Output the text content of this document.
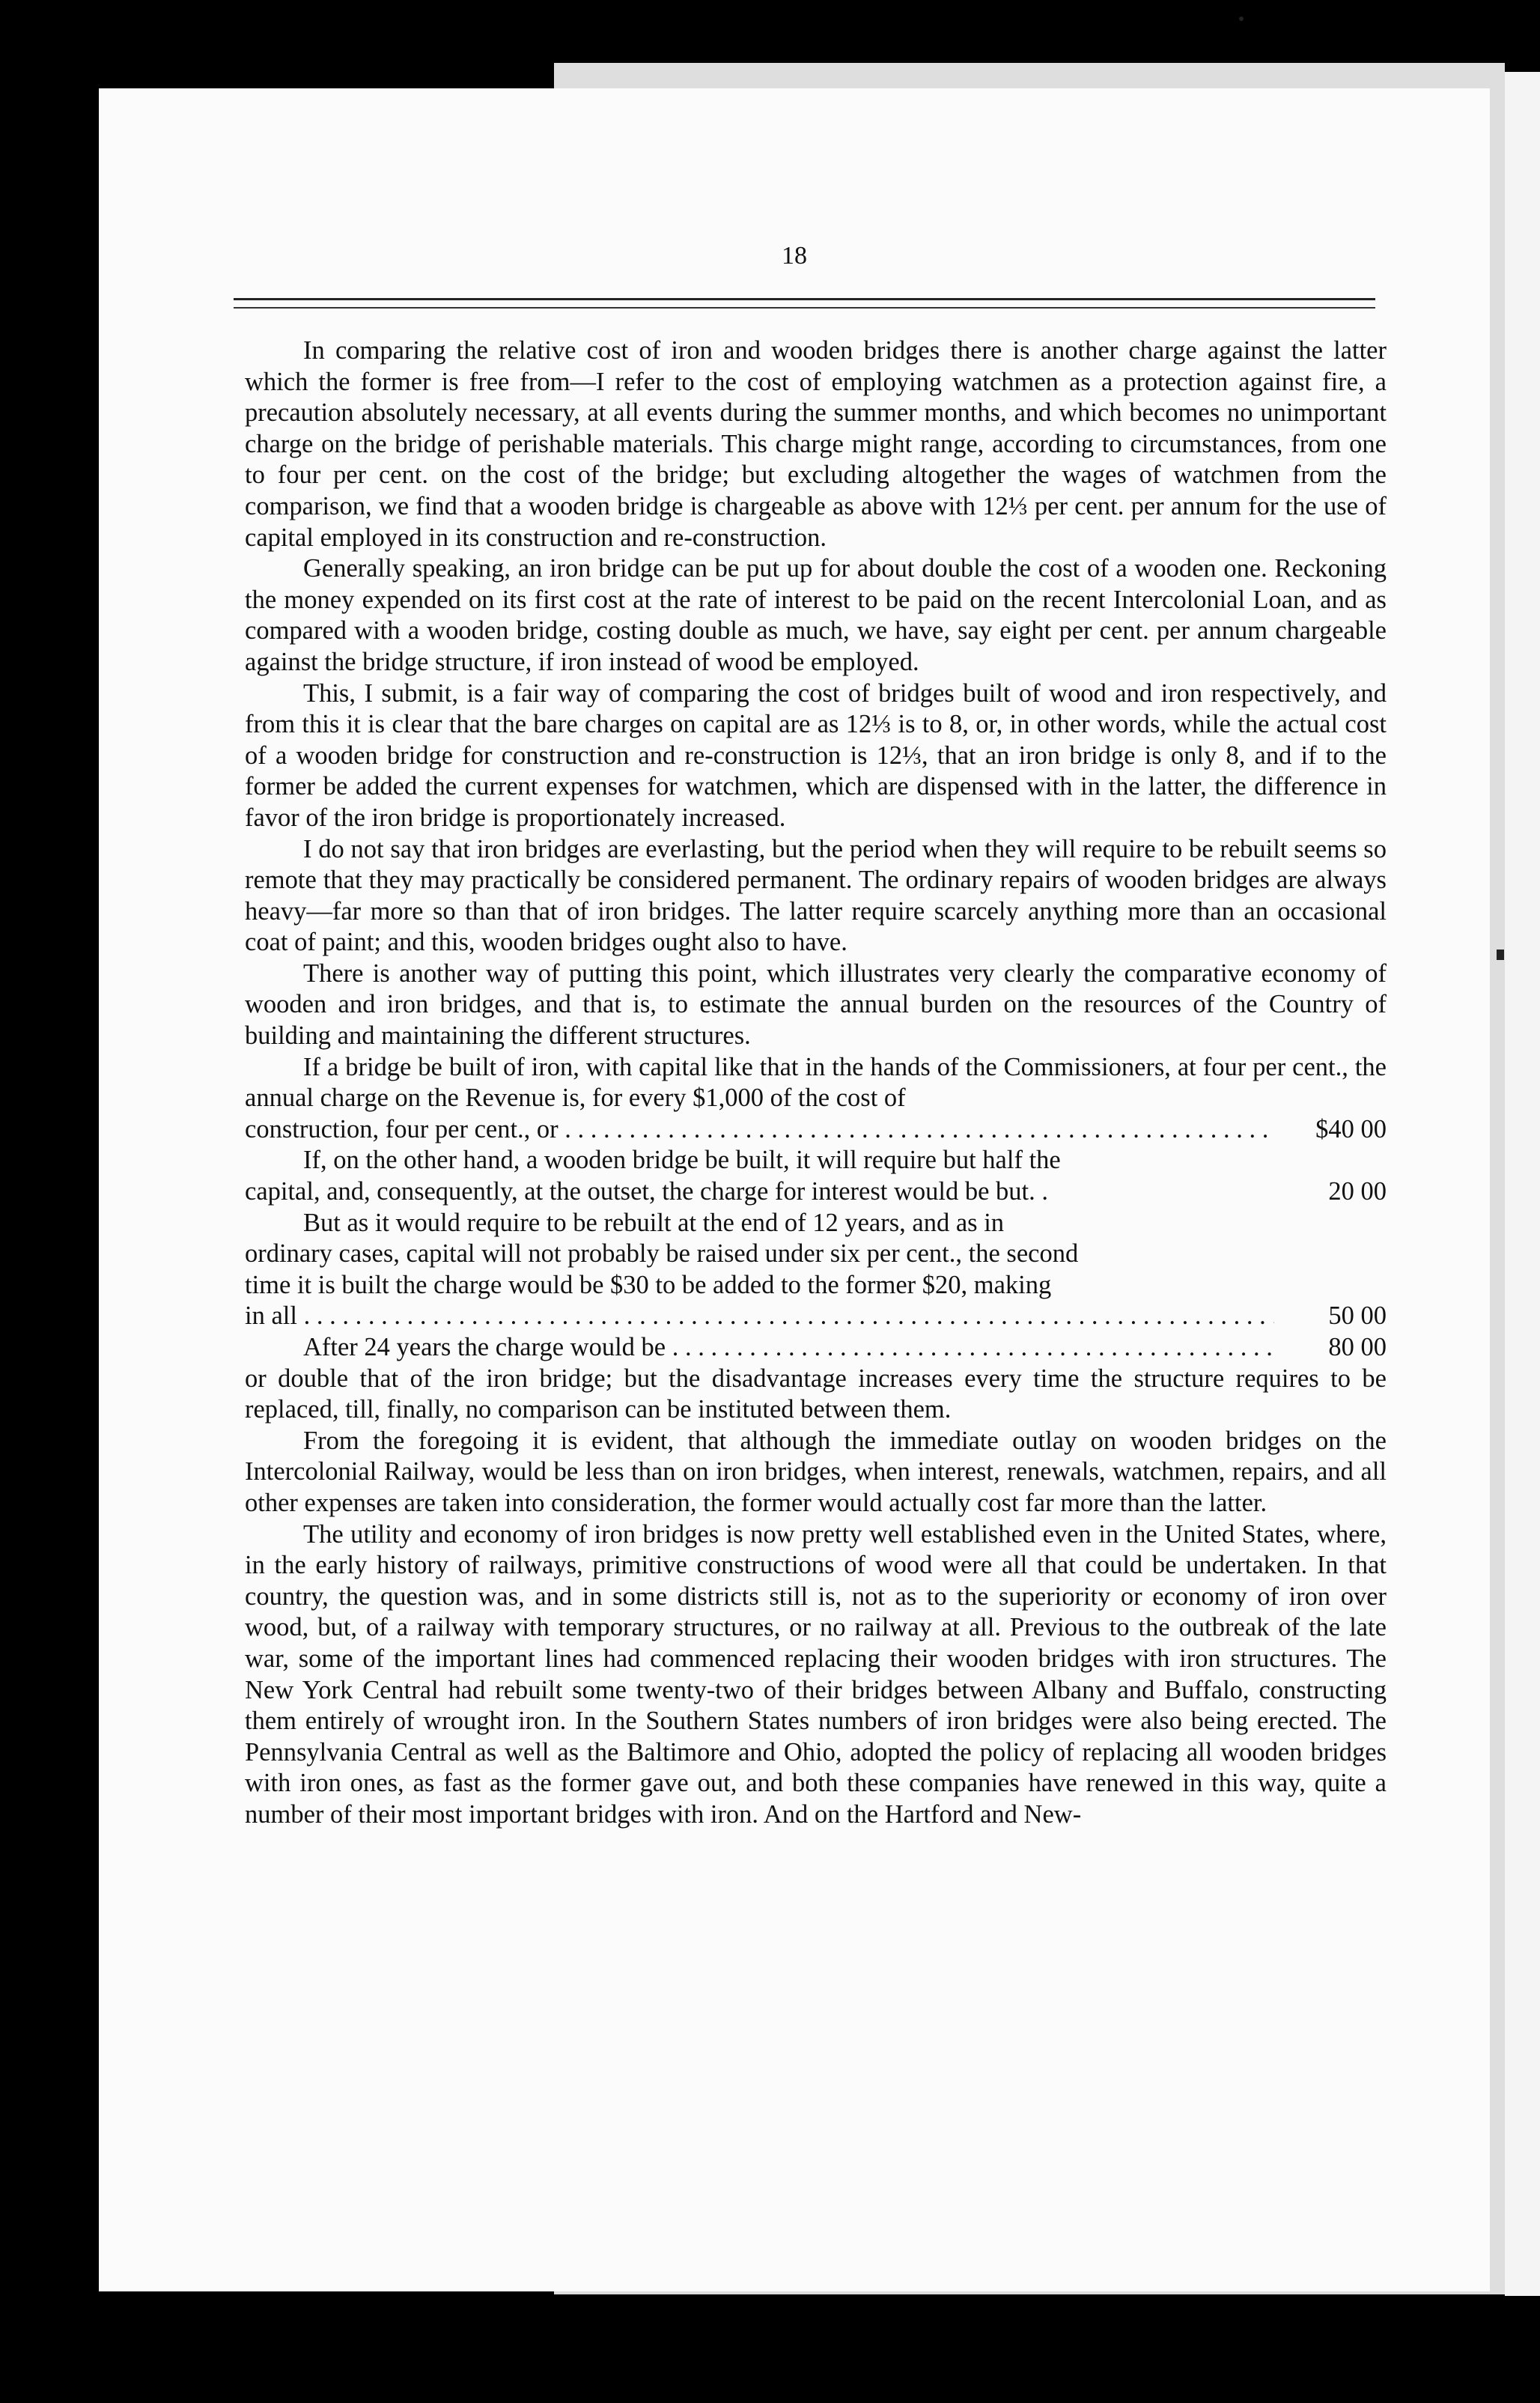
18

In comparing the relative cost of iron and wooden bridges there is another charge against the latter which the former is free from—I refer to the cost of employing watchmen as a protection against fire, a precaution absolutely necessary, at all events during the summer months, and which becomes no unimportant charge on the bridge of perishable materials. This charge might range, according to circumstances, from one to four per cent. on the cost of the bridge; but excluding altogether the wages of watchmen from the comparison, we find that a wooden bridge is chargeable as above with 12⅓ per cent. per annum for the use of capital employed in its construction and re-construction.

Generally speaking, an iron bridge can be put up for about double the cost of a wooden one. Reckoning the money expended on its first cost at the rate of interest to be paid on the recent Intercolonial Loan, and as compared with a wooden bridge, costing double as much, we have, say eight per cent. per annum chargeable against the bridge structure, if iron instead of wood be employed.

This, I submit, is a fair way of comparing the cost of bridges built of wood and iron respectively, and from this it is clear that the bare charges on capital are as 12⅓ is to 8, or, in other words, while the actual cost of a wooden bridge for construction and re-construction is 12⅓, that an iron bridge is only 8, and if to the former be added the current expenses for watchmen, which are dispensed with in the latter, the difference in favor of the iron bridge is proportionately increased.

I do not say that iron bridges are everlasting, but the period when they will require to be rebuilt seems so remote that they may practically be considered permanent. The ordinary repairs of wooden bridges are always heavy—far more so than that of iron bridges. The latter require scarcely anything more than an occasional coat of paint; and this, wooden bridges ought also to have.

There is another way of putting this point, which illustrates very clearly the comparative economy of wooden and iron bridges, and that is, to estimate the annual burden on the resources of the Country of building and maintaining the different structures.

If a bridge be built of iron, with capital like that in the hands of the Commissioners, at four per cent., the annual charge on the Revenue is, for every $1,000 of the cost of

construction, four per cent., or . . .	$40 00
If, on the other hand, a wooden bridge be built, it will require but half the
capital, and, consequently, at the outset, the charge for interest would be but. .	20 00
But as it would require to be rebuilt at the end of 12 years, and as in
ordinary cases, capital will not probably be raised under six per cent., the second
time it is built the charge would be $30 to be added to the former $20, making
in all . . .	50 00
After 24 years the charge would be . . .	80 00

or double that of the iron bridge; but the disadvantage increases every time the structure requires to be replaced, till, finally, no comparison can be instituted between them.

From the foregoing it is evident, that although the immediate outlay on wooden bridges on the Intercolonial Railway, would be less than on iron bridges, when interest, renewals, watchmen, repairs, and all other expenses are taken into consideration, the former would actually cost far more than the latter.

The utility and economy of iron bridges is now pretty well established even in the United States, where, in the early history of railways, primitive constructions of wood were all that could be undertaken. In that country, the question was, and in some districts still is, not as to the superiority or economy of iron over wood, but, of a railway with temporary structures, or no railway at all. Previous to the outbreak of the late war, some of the important lines had commenced replacing their wooden bridges with iron structures. The New York Central had rebuilt some twenty-two of their bridges between Albany and Buffalo, constructing them entirely of wrought iron. In the Southern States numbers of iron bridges were also being erected. The Pennsylvania Central as well as the Baltimore and Ohio, adopted the policy of replacing all wooden bridges with iron ones, as fast as the former gave out, and both these companies have renewed in this way, quite a number of their most important bridges with iron. And on the Hartford and New-
